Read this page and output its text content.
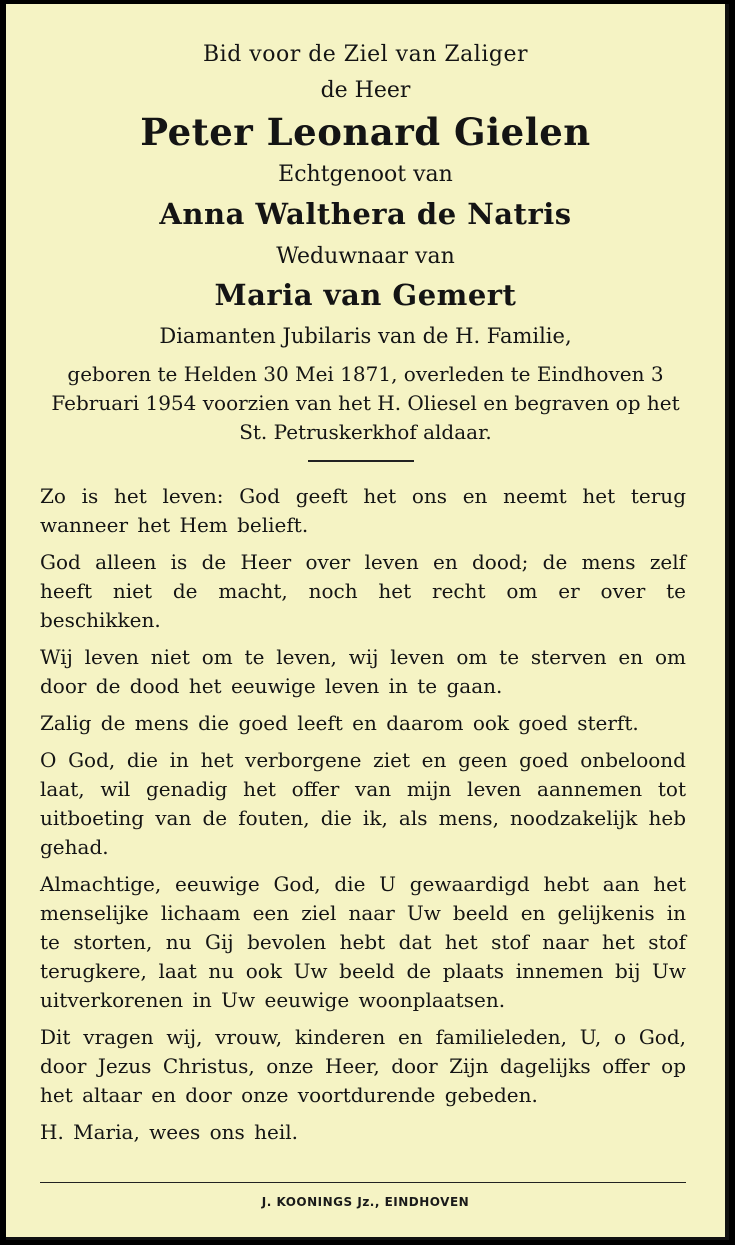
Bid voor de Ziel van Zaliger

de Heer

Peter Leonard Gielen

Echtgenoot van

Anna Walthera de Natris

Weduwnaar van

Maria van Gemert

Diamanten Jubilaris van de H. Familie,

geboren te Helden 30 Mei 1871, overleden te Eindhoven 3 Februari 1954 voorzien van het H. Oliesel en begraven op het St. Petruskerkhof aldaar.

Zo is het leven: God geeft het ons en neemt het terug wanneer het Hem belieft.

God alleen is de Heer over leven en dood; de mens zelf heeft niet de macht, noch het recht om er over te beschikken.

Wij leven niet om te leven, wij leven om te sterven en om door de dood het eeuwige leven in te gaan.

Zalig de mens die goed leeft en daarom ook goed sterft.

O God, die in het verborgene ziet en geen goed onbeloond laat, wil genadig het offer van mijn leven aannemen tot uitboeting van de fouten, die ik, als mens, noodzakelijk heb gehad.

Almachtige, eeuwige God, die U gewaardigd hebt aan het menselijke lichaam een ziel naar Uw beeld en gelijkenis in te storten, nu Gij bevolen hebt dat het stof naar het stof terugkere, laat nu ook Uw beeld de plaats innemen bij Uw uitverkorenen in Uw eeuwige woonplaatsen.

Dit vragen wij, vrouw, kinderen en familieleden, U, o God, door Jezus Christus, onze Heer, door Zijn dagelijks offer op het altaar en door onze voortdurende gebeden.

H. Maria, wees ons heil.

J. KOONINGS Jz., EINDHOVEN
